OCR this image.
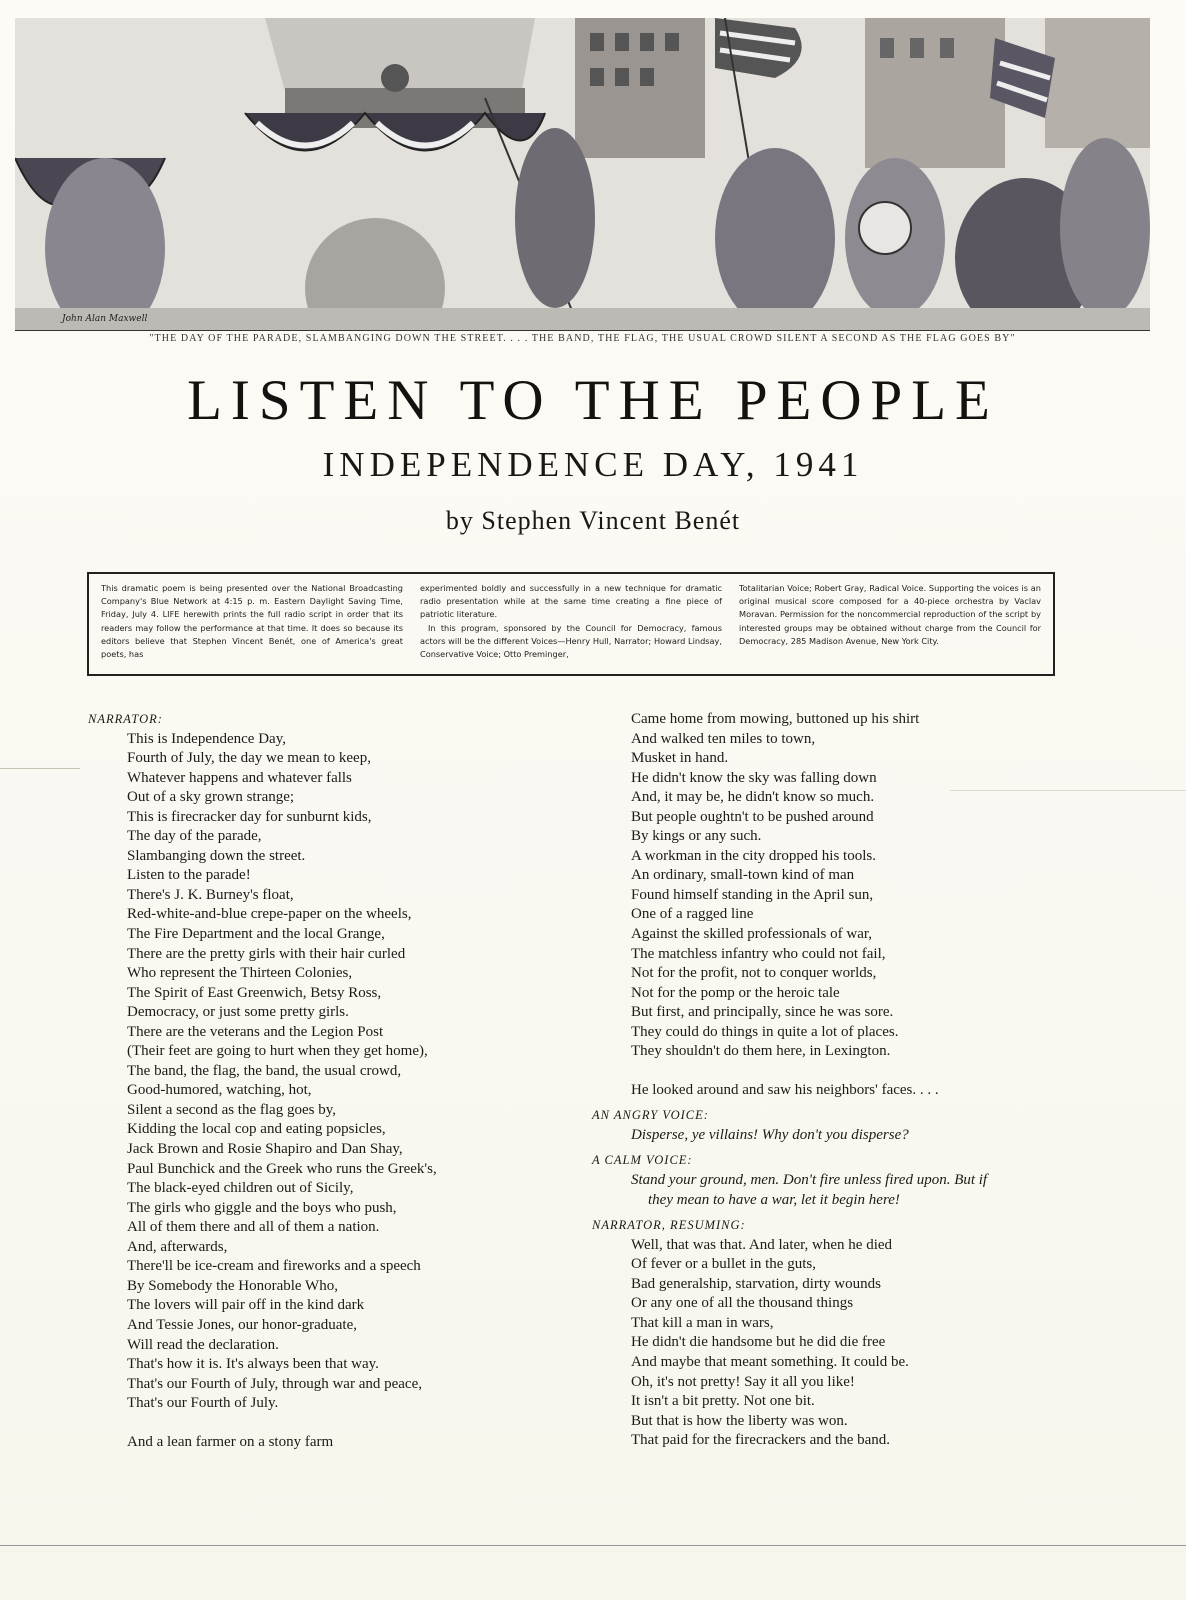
John Alan Maxwell
"THE DAY OF THE PARADE, SLAMBANGING DOWN THE STREET. . . . THE BAND, THE FLAG, THE USUAL CROWD SILENT A SECOND AS THE FLAG GOES BY"
LISTEN TO THE PEOPLE
INDEPENDENCE DAY, 1941
by Stephen Vincent Benét

This dramatic poem is being presented over the National Broadcasting Company's Blue Network at 4:15 p. m. Eastern Daylight Saving Time, Friday, July 4. LIFE herewith prints the full radio script in order that its readers may follow the performance at that time. It does so because its editors believe that Stephen Vincent Benét, one of America's great poets, has

experimented boldly and successfully in a new technique for dramatic radio presentation while at the same time creating a fine piece of patriotic literature.

In this program, sponsored by the Council for Democracy, famous actors will be the different Voices—Henry Hull, Narrator; Howard Lindsay, Conservative Voice; Otto Preminger,

Totalitarian Voice; Robert Gray, Radical Voice. Supporting the voices is an original musical score composed for a 40-piece orchestra by Vaclav Moravan. Permission for the noncommercial reproduction of the script by interested groups may be obtained without charge from the Council for Democracy, 285 Madison Avenue, New York City.

NARRATOR:
This is Independence Day,
Fourth of July, the day we mean to keep,
Whatever happens and whatever falls
Out of a sky grown strange;
This is firecracker day for sunburnt kids,
The day of the parade,
Slambanging down the street.
Listen to the parade!
There's J. K. Burney's float,
Red-white-and-blue crepe-paper on the wheels,
The Fire Department and the local Grange,
There are the pretty girls with their hair curled
Who represent the Thirteen Colonies,
The Spirit of East Greenwich, Betsy Ross,
Democracy, or just some pretty girls.
There are the veterans and the Legion Post
(Their feet are going to hurt when they get home),
The band, the flag, the band, the usual crowd,
Good-humored, watching, hot,
Silent a second as the flag goes by,
Kidding the local cop and eating popsicles,
Jack Brown and Rosie Shapiro and Dan Shay,
Paul Bunchick and the Greek who runs the Greek's,
The black-eyed children out of Sicily,
The girls who giggle and the boys who push,
All of them there and all of them a nation.
And, afterwards,
There'll be ice-cream and fireworks and a speech
By Somebody the Honorable Who,
The lovers will pair off in the kind dark
And Tessie Jones, our honor-graduate,
Will read the declaration.
That's how it is. It's always been that way.
That's our Fourth of July, through war and peace,
That's our Fourth of July.
And a lean farmer on a stony farm
Came home from mowing, buttoned up his shirt
And walked ten miles to town,
Musket in hand.
He didn't know the sky was falling down
And, it may be, he didn't know so much.
But people oughtn't to be pushed around
By kings or any such.
A workman in the city dropped his tools.
An ordinary, small-town kind of man
Found himself standing in the April sun,
One of a ragged line
Against the skilled professionals of war,
The matchless infantry who could not fail,
Not for the profit, not to conquer worlds,
Not for the pomp or the heroic tale
But first, and principally, since he was sore.
They could do things in quite a lot of places.
They shouldn't do them here, in Lexington.
He looked around and saw his neighbors' faces. . . .
AN ANGRY VOICE:
Disperse, ye villains! Why don't you disperse?
A CALM VOICE:
Stand your ground, men. Don't fire unless fired upon. But if
they mean to have a war, let it begin here!
NARRATOR, RESUMING:
Well, that was that. And later, when he died
Of fever or a bullet in the guts,
Bad generalship, starvation, dirty wounds
Or any one of all the thousand things
That kill a man in wars,
He didn't die handsome but he did die free
And maybe that meant something. It could be.
Oh, it's not pretty! Say it all you like!
It isn't a bit pretty. Not one bit.
But that is how the liberty was won.
That paid for the firecrackers and the band.
